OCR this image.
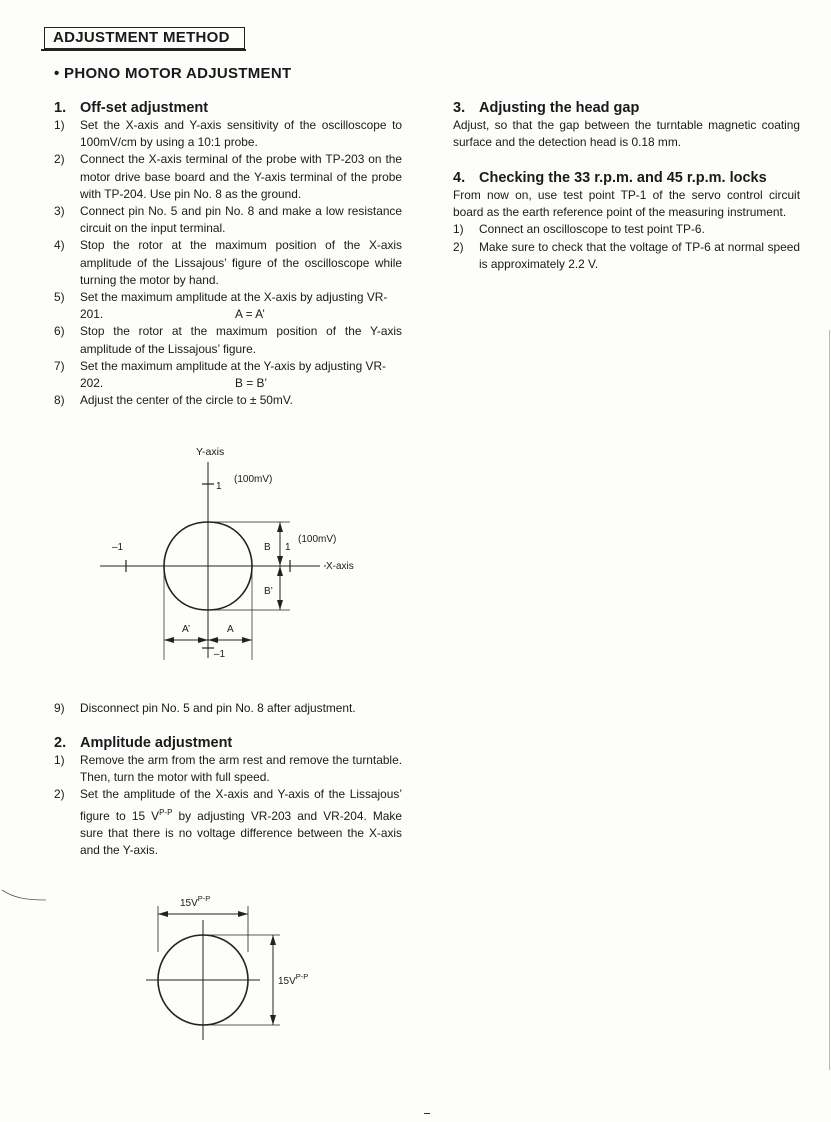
ADJUSTMENT METHOD
• PHONO MOTOR ADJUSTMENT
1. Off-set adjustment
1) Set the X-axis and Y-axis sensitivity of the oscilloscope to 100mV/cm by using a 10:1 probe.
2) Connect the X-axis terminal of the probe with TP-203 on the motor drive base board and the Y-axis terminal of the probe with TP-204. Use pin No. 8 as the ground.
3) Connect pin No. 5 and pin No. 8 and make a low resistance circuit on the input terminal.
4) Stop the rotor at the maximum position of the X-axis amplitude of the Lissajous’ figure of the oscilloscope while turning the motor by hand.
5) Set the maximum amplitude at the X-axis by adjusting VR-201.	A = A’
6) Stop the rotor at the maximum position of the Y-axis amplitude of the Lissajous’ figure.
7) Set the maximum amplitude at the Y-axis by adjusting VR-202.	B = B’
8) Adjust the center of the circle to ± 50mV.
Y-axis
1
(100mV)
–1
X-axis
B 1
(100mV)
B’
A’	A
–1
9) Disconnect pin No. 5 and pin No. 8 after adjustment.
2. Amplitude adjustment
1) Remove the arm from the arm rest and remove the turntable. Then, turn the motor with full speed.
2) Set the amplitude of the X-axis and Y-axis of the Lissajous’ figure to 15 $V^{P-P}$ by adjusting VR-203 and VR-204. Make sure that there is no voltage difference between the X-axis and the Y-axis.
$15V^{P-P}$
$15V^{P-P}$
3. Adjusting the head gap

Adjust, so that the gap between the turntable magnetic coating surface and the detection head is 0.18 mm.

4. Checking the 33 r.p.m. and 45 r.p.m. locks

From now on, use test point TP-1 of the servo control circuit board as the earth reference point of the measuring instrument.

1) Connect an oscilloscope to test point TP-6.
2) Make sure to check that the voltage of TP-6 at normal speed is approximately 2.2 V.
